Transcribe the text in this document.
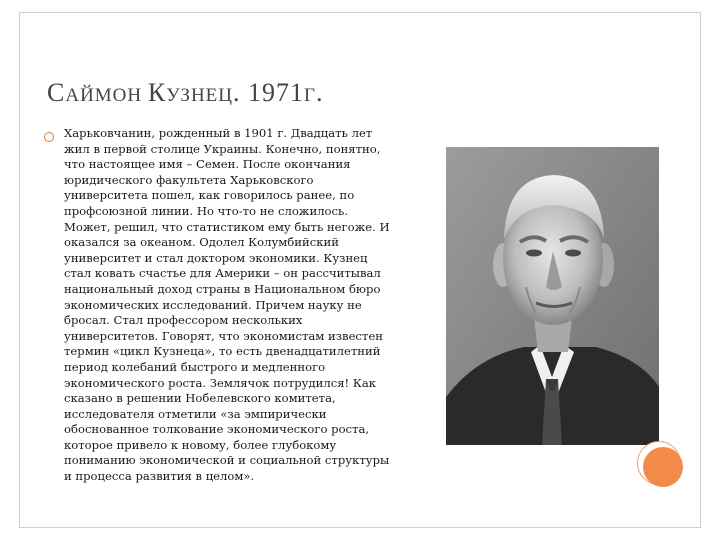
САЙМОН КУЗНЕЦ. 1971Г.
Харьковчанин, рожденный в 1901 г. Двадцать лет
жил в первой столице Украины. Конечно, понятно,
что настоящее имя – Семен. После окончания
юридического факультета Харьковского
университета пошел, как говорилось ранее, по
профсоюзной линии. Но что-то не сложилось.
Может, решил, что статистиком ему быть негоже. И
оказался за океаном. Одолел Колумбийский
университет и стал доктором экономики. Кузнец
стал ковать счастье для Америки – он рассчитывал
национальный доход страны в Национальном бюро
экономических исследований. Причем науку не
бросал. Стал профессором нескольких
университетов. Говорят, что экономистам известен
термин «цикл Кузнеца», то есть двенадцатилетний
период колебаний быстрого и медленного
экономического роста. Землячок потрудился! Как
сказано в решении Нобелевского комитета,
исследователя отметили «за эмпирически
обоснованное толкование экономического роста,
которое привело к новому, более глубокому
пониманию экономической и социальной структуры
и процесса развития в целом».
